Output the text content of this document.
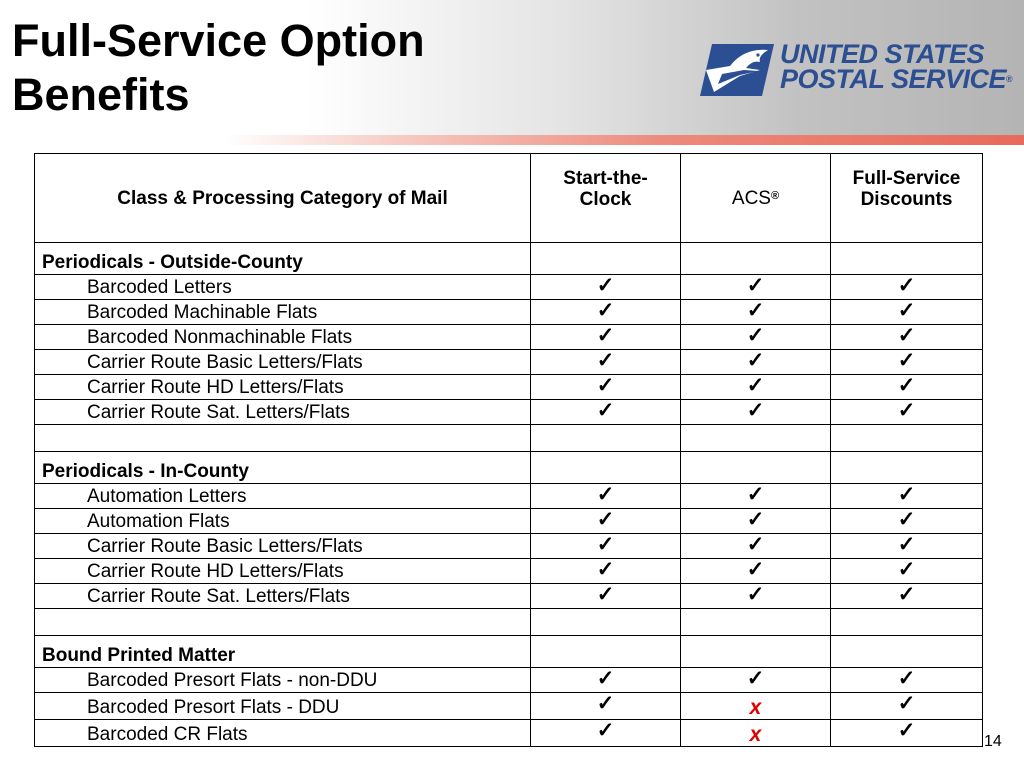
Full-Service Option
Benefits
UNITED STATES
POSTAL SERVICE®
Class & Processing Category of Mail	Start-the-Clock	ACS®	Full-Service Discounts
Periodicals - Outside-County			
Barcoded Letters	✓	✓	✓
Barcoded Machinable Flats	✓	✓	✓
Barcoded Nonmachinable Flats	✓	✓	✓
Carrier Route Basic Letters/Flats	✓	✓	✓
Carrier Route HD Letters/Flats	✓	✓	✓
Carrier Route Sat. Letters/Flats	✓	✓	✓

Periodicals - In-County			
Automation Letters	✓	✓	✓
Automation Flats	✓	✓	✓
Carrier Route Basic Letters/Flats	✓	✓	✓
Carrier Route HD Letters/Flats	✓	✓	✓
Carrier Route Sat. Letters/Flats	✓	✓	✓

Bound Printed Matter			
Barcoded Presort Flats - non-DDU	✓	✓	✓
Barcoded Presort Flats - DDU	✓	x	✓
Barcoded CR Flats	✓	x	✓	14
